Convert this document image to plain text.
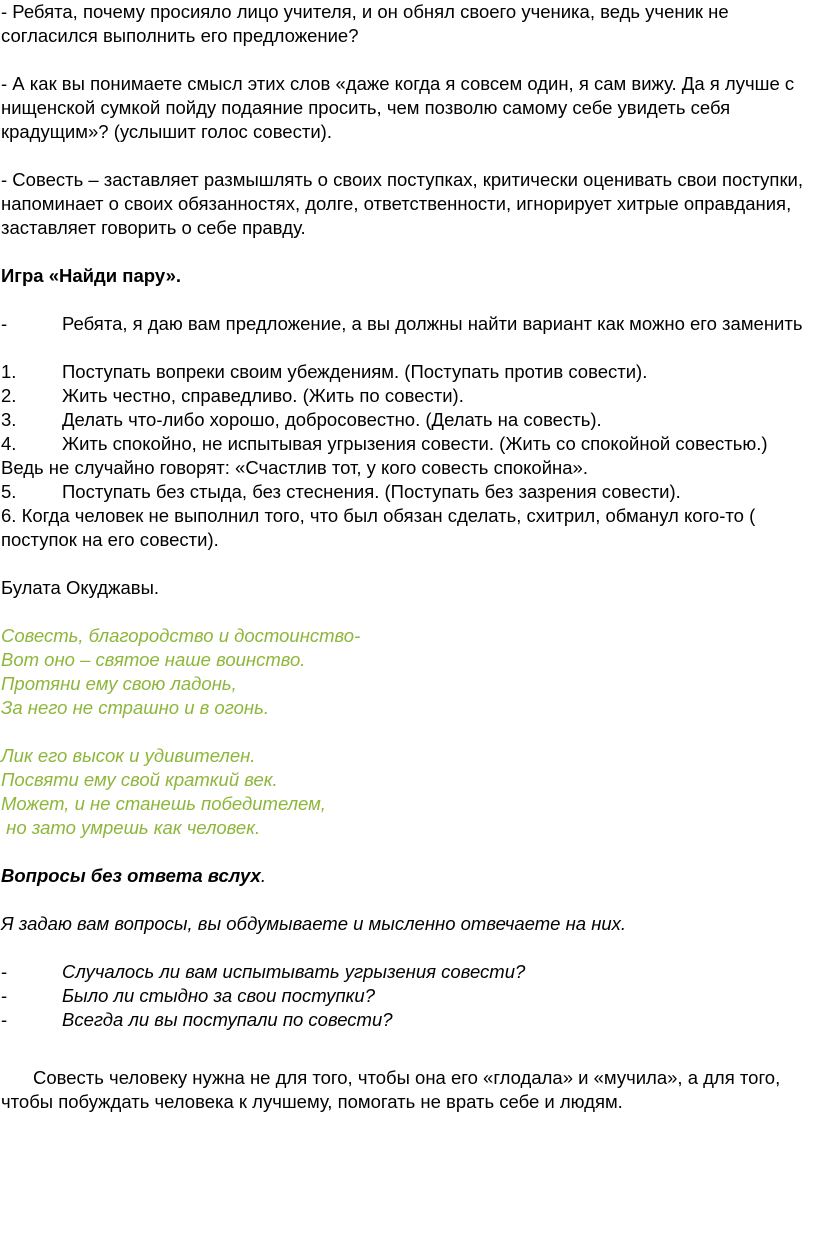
- Ребята, почему просияло лицо учителя, и он обнял своего ученика, ведь ученик не согласился выполнить его предложение?

- А как вы понимаете смысл этих слов «даже когда я совсем один, я сам вижу. Да я лучше с нищенской сумкой пойду подаяние просить, чем позволю самому себе увидеть себя крадущим»? (услышит голос совести).

- Совесть – заставляет размышлять о своих поступках, критически оценивать свои поступки, напоминает о своих обязанностях, долге, ответственности, игнорирует хитрые оправдания, заставляет говорить о себе правду.

Игра «Найди пару».

-	Ребята, я даю вам предложение, а вы должны найти вариант как можно его заменить

1. Поступать вопреки своим убеждениям. (Поступать против совести).

2. Жить честно, справедливо. (Жить по совести).

3. Делать что-либо хорошо, добросовестно. (Делать на совесть).

4. Жить спокойно, не испытывая угрызения совести. (Жить со спокойной совестью.) Ведь не случайно говорят: «Счастлив тот, у кого совесть спокойна».

5. Поступать без стыда, без стеснения. (Поступать без зазрения совести).

6. Когда человек не выполнил того, что был обязан сделать, схитрил, обманул кого-то ( поступок на его совести).

Булата Окуджавы.

Совесть, благородство и достоинство-

Вот оно – святое наше воинство.

Протяни ему свою ладонь,

За него не страшно и в огонь.

Лик его высок и удивителен.

Посвяти ему свой краткий век.

Может, и не станешь победителем,

но зато умрешь как человек.

Вопросы без ответа вслух.

Я задаю вам вопросы, вы обдумываете и мысленно отвечаете на них.

-	Случалось ли вам испытывать угрызения совести?

-	Было ли стыдно за свои поступки?

-	Всегда ли вы поступали по совести?

Совесть человеку нужна не для того, чтобы она его «глодала» и «мучила», а для того, чтобы побуждать человека к лучшему, помогать не врать себе и людям.
